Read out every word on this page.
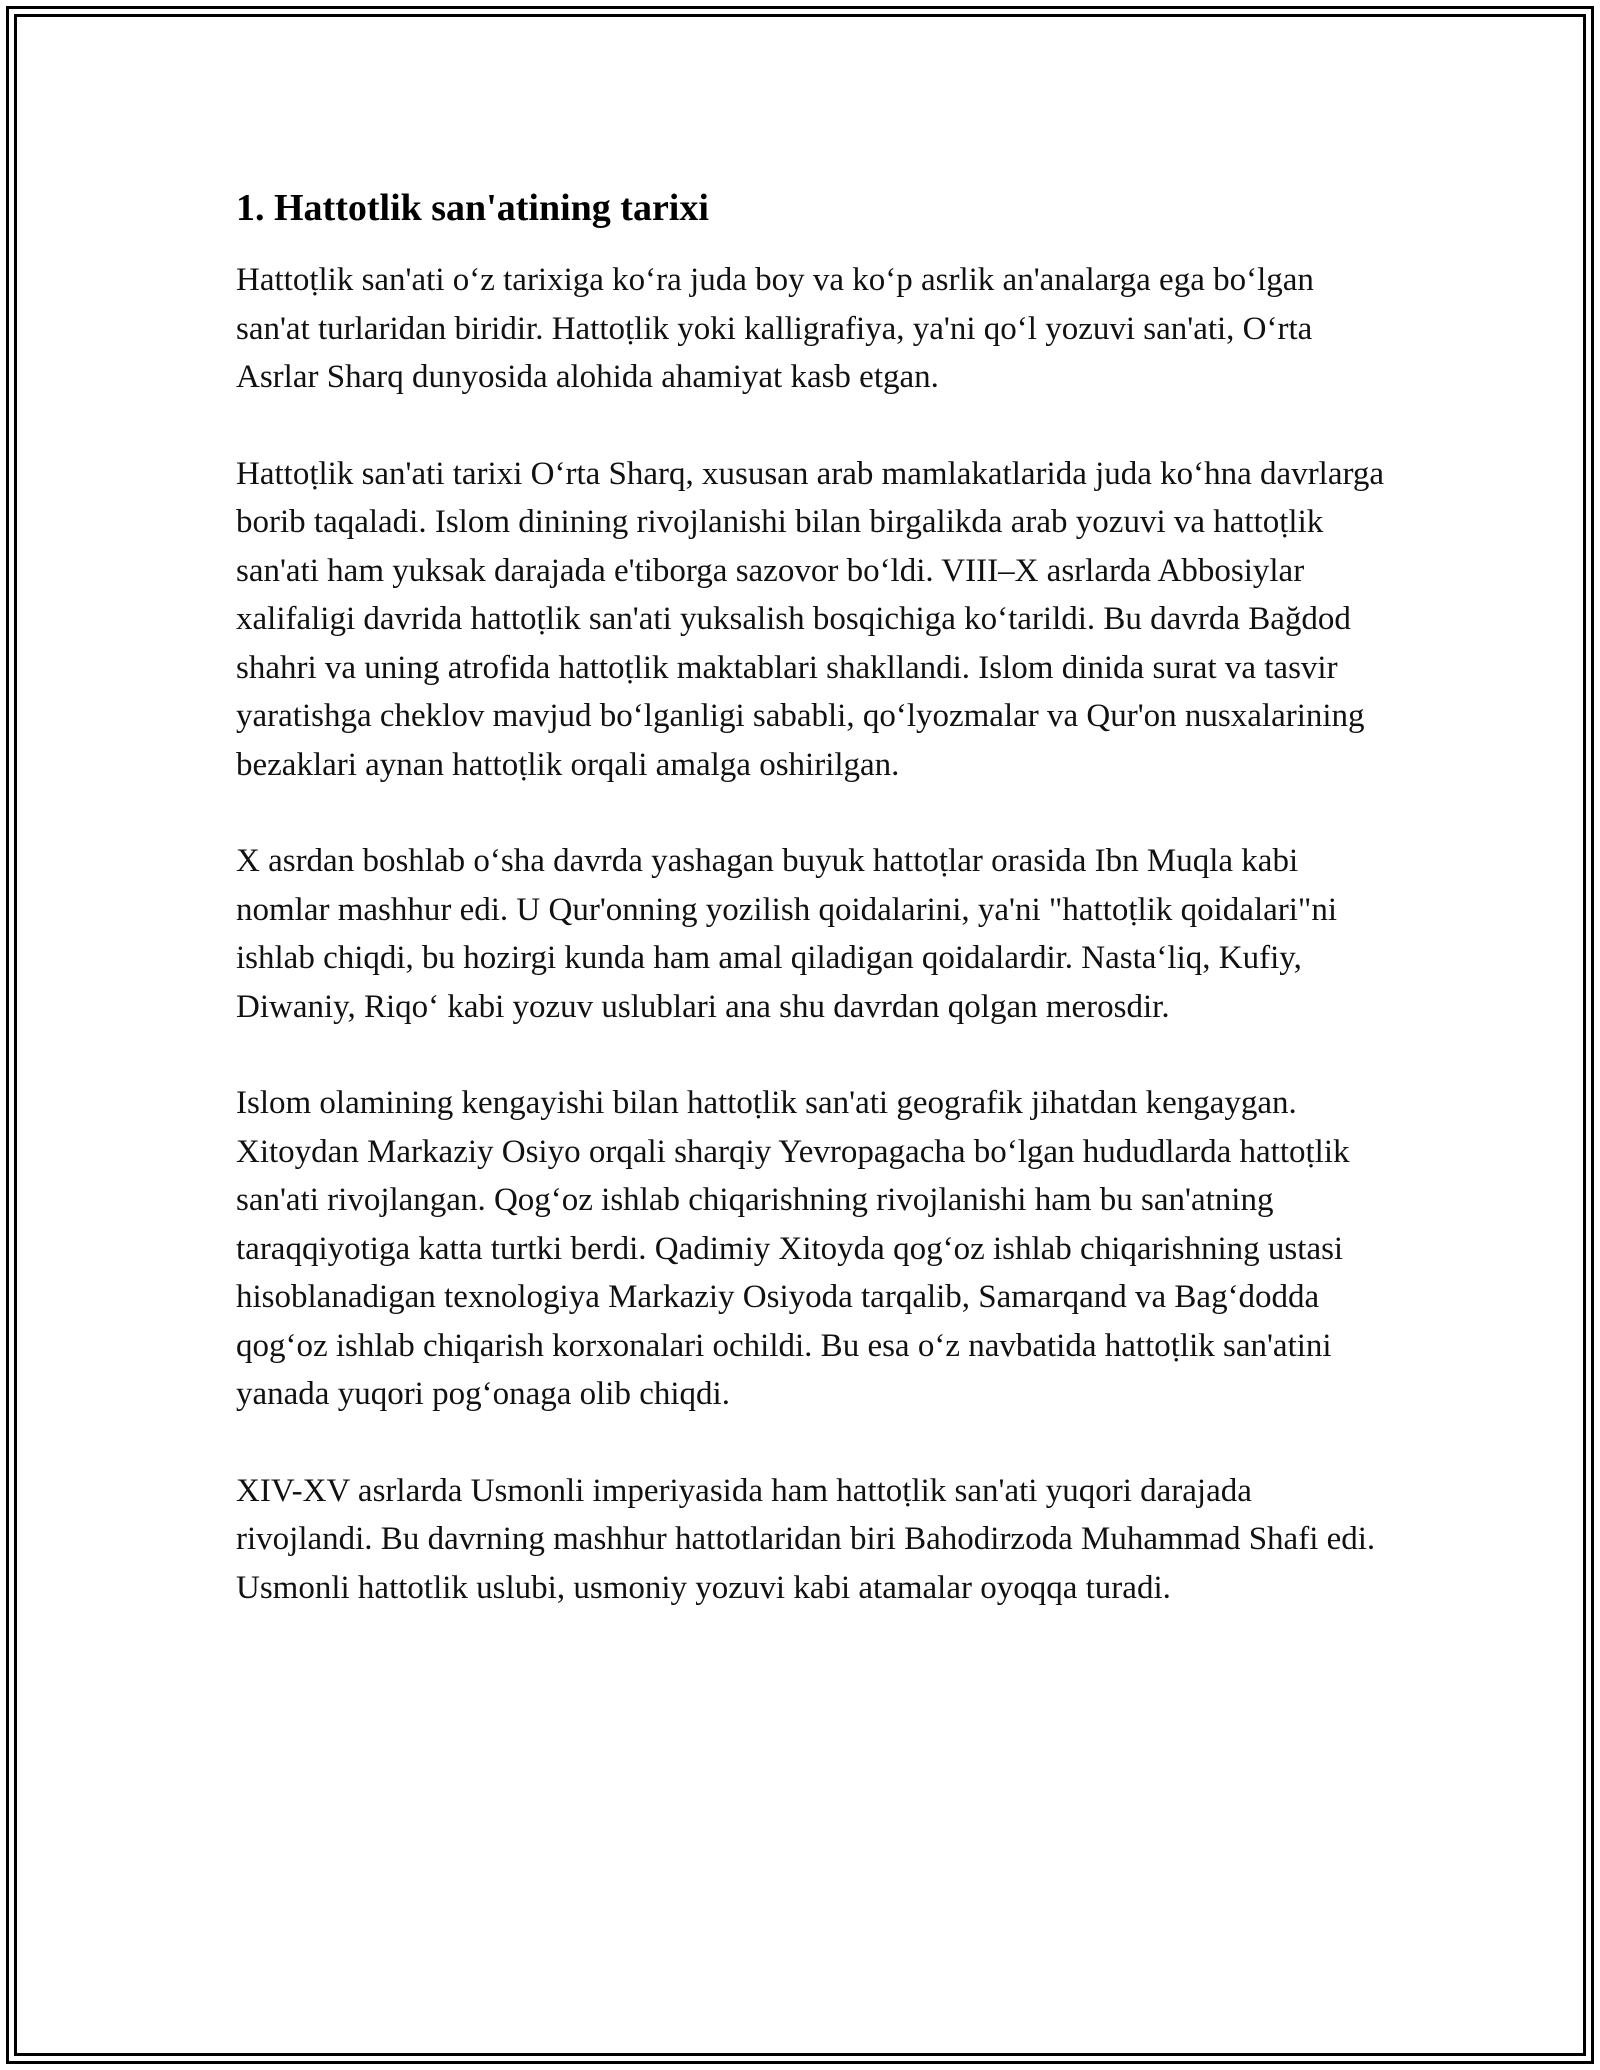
1. Hattotlik san'atining tarixi

Hattoṭlik san'ati o‘z tarixiga ko‘ra juda boy va ko‘p asrlik an'analarga ega bo‘lgan san'at turlaridan biridir. Hattoṭlik yoki kalligrafiya, ya'ni qo‘l yozuvi san'ati, O‘rta Asrlar Sharq dunyosida alohida ahamiyat kasb etgan.

Hattoṭlik san'ati tarixi O‘rta Sharq, xususan arab mamlakatlarida juda ko‘hna davrlarga borib taqaladi. Islom dinining rivojlanishi bilan birgalikda arab yozuvi va hattoṭlik san'ati ham yuksak darajada e'tiborga sazovor bo‘ldi. VIII–X asrlarda Abbosiylar xalifaligi davrida hattoṭlik san'ati yuksalish bosqichiga ko‘tarildi. Bu davrda Bağdod shahri va uning atrofida hattoṭlik maktablari shakllandi. Islom dinida surat va tasvir yaratishga cheklov mavjud bo‘lganligi sababli, qo‘lyozmalar va Qur'on nusxalarining bezaklari aynan hattoṭlik orqali amalga oshirilgan.

X asrdan boshlab o‘sha davrda yashagan buyuk hattoṭlar orasida Ibn Muqla kabi nomlar mashhur edi. U Qur'onning yozilish qoidalarini, ya'ni "hattoṭlik qoidalari"ni ishlab chiqdi, bu hozirgi kunda ham amal qiladigan qoidalardir. Nasta‘liq, Kufiy, Diwaniy, Riqo‘ kabi yozuv uslublari ana shu davrdan qolgan merosdir.

Islom olamining kengayishi bilan hattoṭlik san'ati geografik jihatdan kengaygan. Xitoydan Markaziy Osiyo orqali sharqiy Yevropagacha bo‘lgan hududlarda hattoṭlik san'ati rivojlangan. Qog‘oz ishlab chiqarishning rivojlanishi ham bu san'atning taraqqiyotiga katta turtki berdi. Qadimiy Xitoyda qog‘oz ishlab chiqarishning ustasi hisoblanadigan texnologiya Markaziy Osiyoda tarqalib, Samarqand va Bag‘dodda qog‘oz ishlab chiqarish korxonalari ochildi. Bu esa o‘z navbatida hattoṭlik san'atini yanada yuqori pog‘onaga olib chiqdi.

XIV-XV asrlarda Usmonli imperiyasida ham hattoṭlik san'ati yuqori darajada rivojlandi. Bu davrning mashhur hattotlaridan biri Bahodirzoda Muhammad Shafi edi. Usmonli hattotlik uslubi, usmoniy yozuvi kabi atamalar oyoqqa turadi.
